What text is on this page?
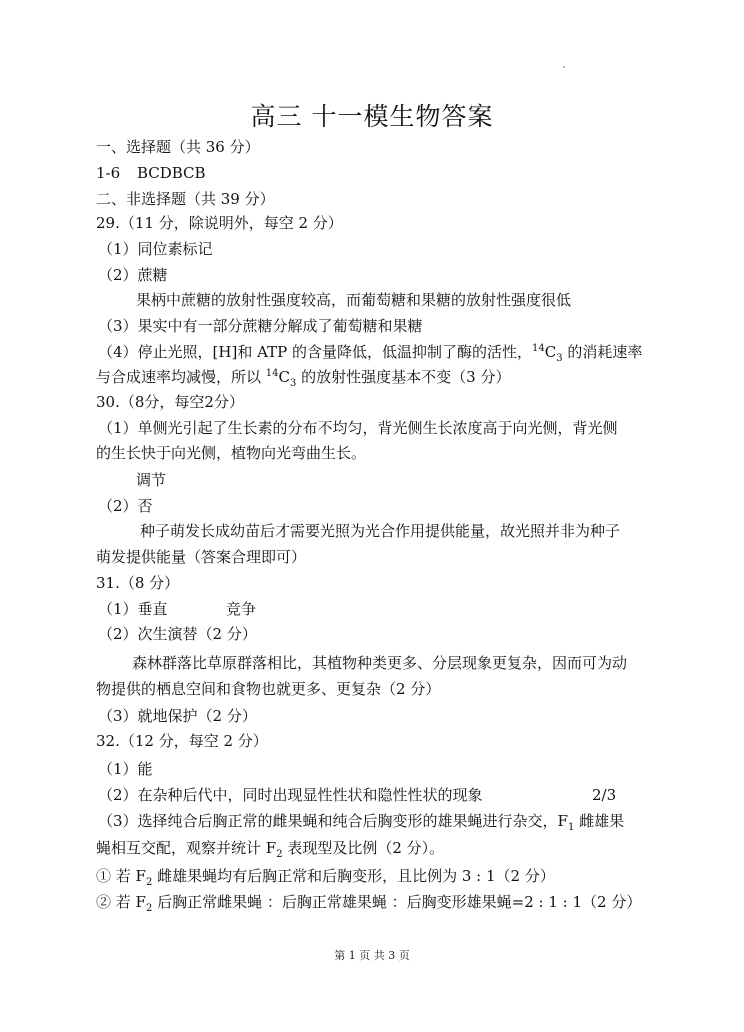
高三 十一模生物答案
一、选择题（共 36 分）
1-6 BCDBCB
二、非选择题（共 39 分）
29.（11 分，除说明外，每空 2 分）
（1）同位素标记
（2）蔗糖
果柄中蔗糖的放射性强度较高，而葡萄糖和果糖的放射性强度很低
（3）果实中有一部分蔗糖分解成了葡萄糖和果糖
（4）停止光照，[H]和 ATP 的含量降低，低温抑制了酶的活性，$^{14}C_3$ 的消耗速率
与合成速率均减慢，所以 $^{14}C_3$ 的放射性强度基本不变（3 分）
30.（8分，每空2分）
（1）单侧光引起了生长素的分布不均匀，背光侧生长浓度高于向光侧，背光侧
的生长快于向光侧，植物向光弯曲生长。
调节
（2）否
种子萌发长成幼苗后才需要光照为光合作用提供能量，故光照并非为种子
萌发提供能量（答案合理即可）
31.（8 分）
（1）垂直	竞争
（2）次生演替（2 分）
森林群落比草原群落相比，其植物种类更多、分层现象更复杂，因而可为动
物提供的栖息空间和食物也就更多、更复杂（2 分）
（3）就地保护（2 分）
32.（12 分，每空 2 分）
（1）能
（2）在杂种后代中，同时出现显性性状和隐性性状的现象	2/3
（3）选择纯合后胸正常的雌果蝇和纯合后胸变形的雄果蝇进行杂交，$F_1$ 雌雄果
蝇相互交配，观察并统计 $F_2$ 表现型及比例（2 分）。
① 若 $F_2$ 雌雄果蝇均有后胸正常和后胸变形，且比例为 3 : 1（2 分）
② 若 $F_2$ 后胸正常雌果蝇 ：后胸正常雄果蝇 ：后胸变形雄果蝇=2 : 1 : 1（2 分）
第 1 页 共 3 页
